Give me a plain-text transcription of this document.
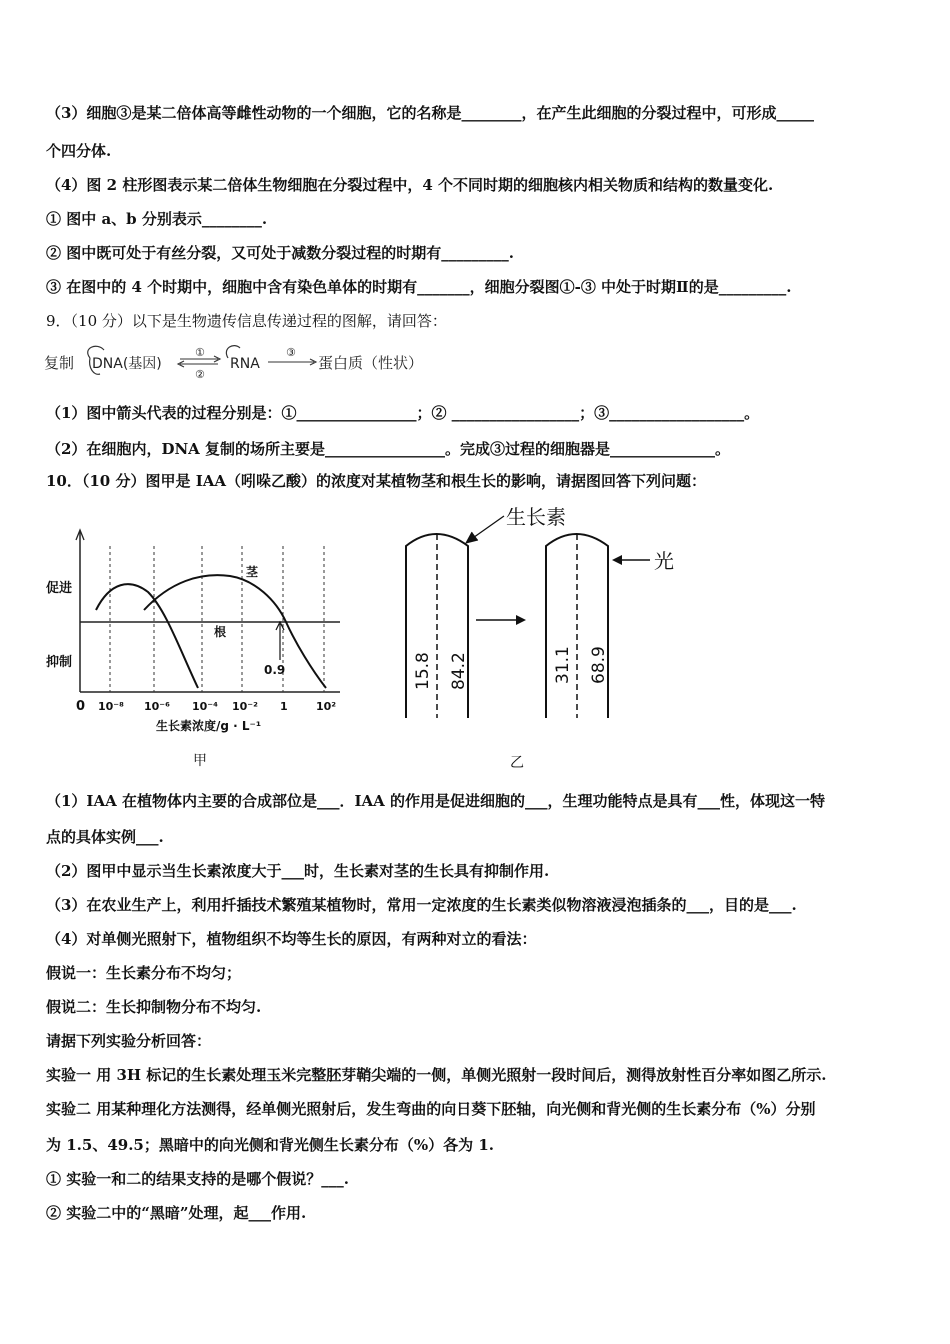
（3）细胞③是某二倍体高等雌性动物的一个细胞，它的名称是________，在产生此细胞的分裂过程中，可形成_____
个四分体.
（4）图 2 柱形图表示某二倍体生物细胞在分裂过程中，4 个不同时期的细胞核内相关物质和结构的数量变化.
① 图中 a、b 分别表示________.
② 图中既可处于有丝分裂，又可处于减数分裂过程的时期有_________.
③ 在图中的 4 个时期中，细胞中含有染色单体的时期有_______，细胞分裂图①-③ 中处于时期Ⅱ的是_________.
9．（10 分）以下是生物遗传信息传递过程的图解，请回答：
复制 DNA(基因)
①
②
RNA
③
蛋白质（性状）
（1）图中箭头代表的过程分别是：①________________；② _________________；③__________________。
（2）在细胞内，DNA 复制的场所主要是________________。完成③过程的细胞器是______________。
10．（10 分）图甲是 IAA（吲哚乙酸）的浓度对某植物茎和根生长的影响，请据图回答下列问题：
促进
抑制
茎
根
0.9
0 10⁻⁸ 10⁻⁶ 10⁻⁴ 10⁻² 1	10²
生长素浓度/g · L⁻¹
甲
生长素
15.8 84.2	31.1 68.9
光
乙
（1）IAA 在植物体内主要的合成部位是___．IAA 的作用是促进细胞的___，生理功能特点是具有___性，体现这一特
点的具体实例___.
（2）图甲中显示当生长素浓度大于___时，生长素对茎的生长具有抑制作用.
（3）在农业生产上，利用扦插技术繁殖某植物时，常用一定浓度的生长素类似物溶液浸泡插条的___，目的是___.
（4）对单侧光照射下，植物组织不均等生长的原因，有两种对立的看法：
假说一：生长素分布不均匀；
假说二：生长抑制物分布不均匀.
请据下列实验分析回答：
实验一 用 3H 标记的生长素处理玉米完整胚芽鞘尖端的一侧，单侧光照射一段时间后，测得放射性百分率如图乙所示.
实验二 用某种理化方法测得，经单侧光照射后，发生弯曲的向日葵下胚轴，向光侧和背光侧的生长素分布（%）分别
为 1.5、49.5；黑暗中的向光侧和背光侧生长素分布（%）各为 1.
① 实验一和二的结果支持的是哪个假说？___.
② 实验二中的“黑暗”处理，起___作用.
